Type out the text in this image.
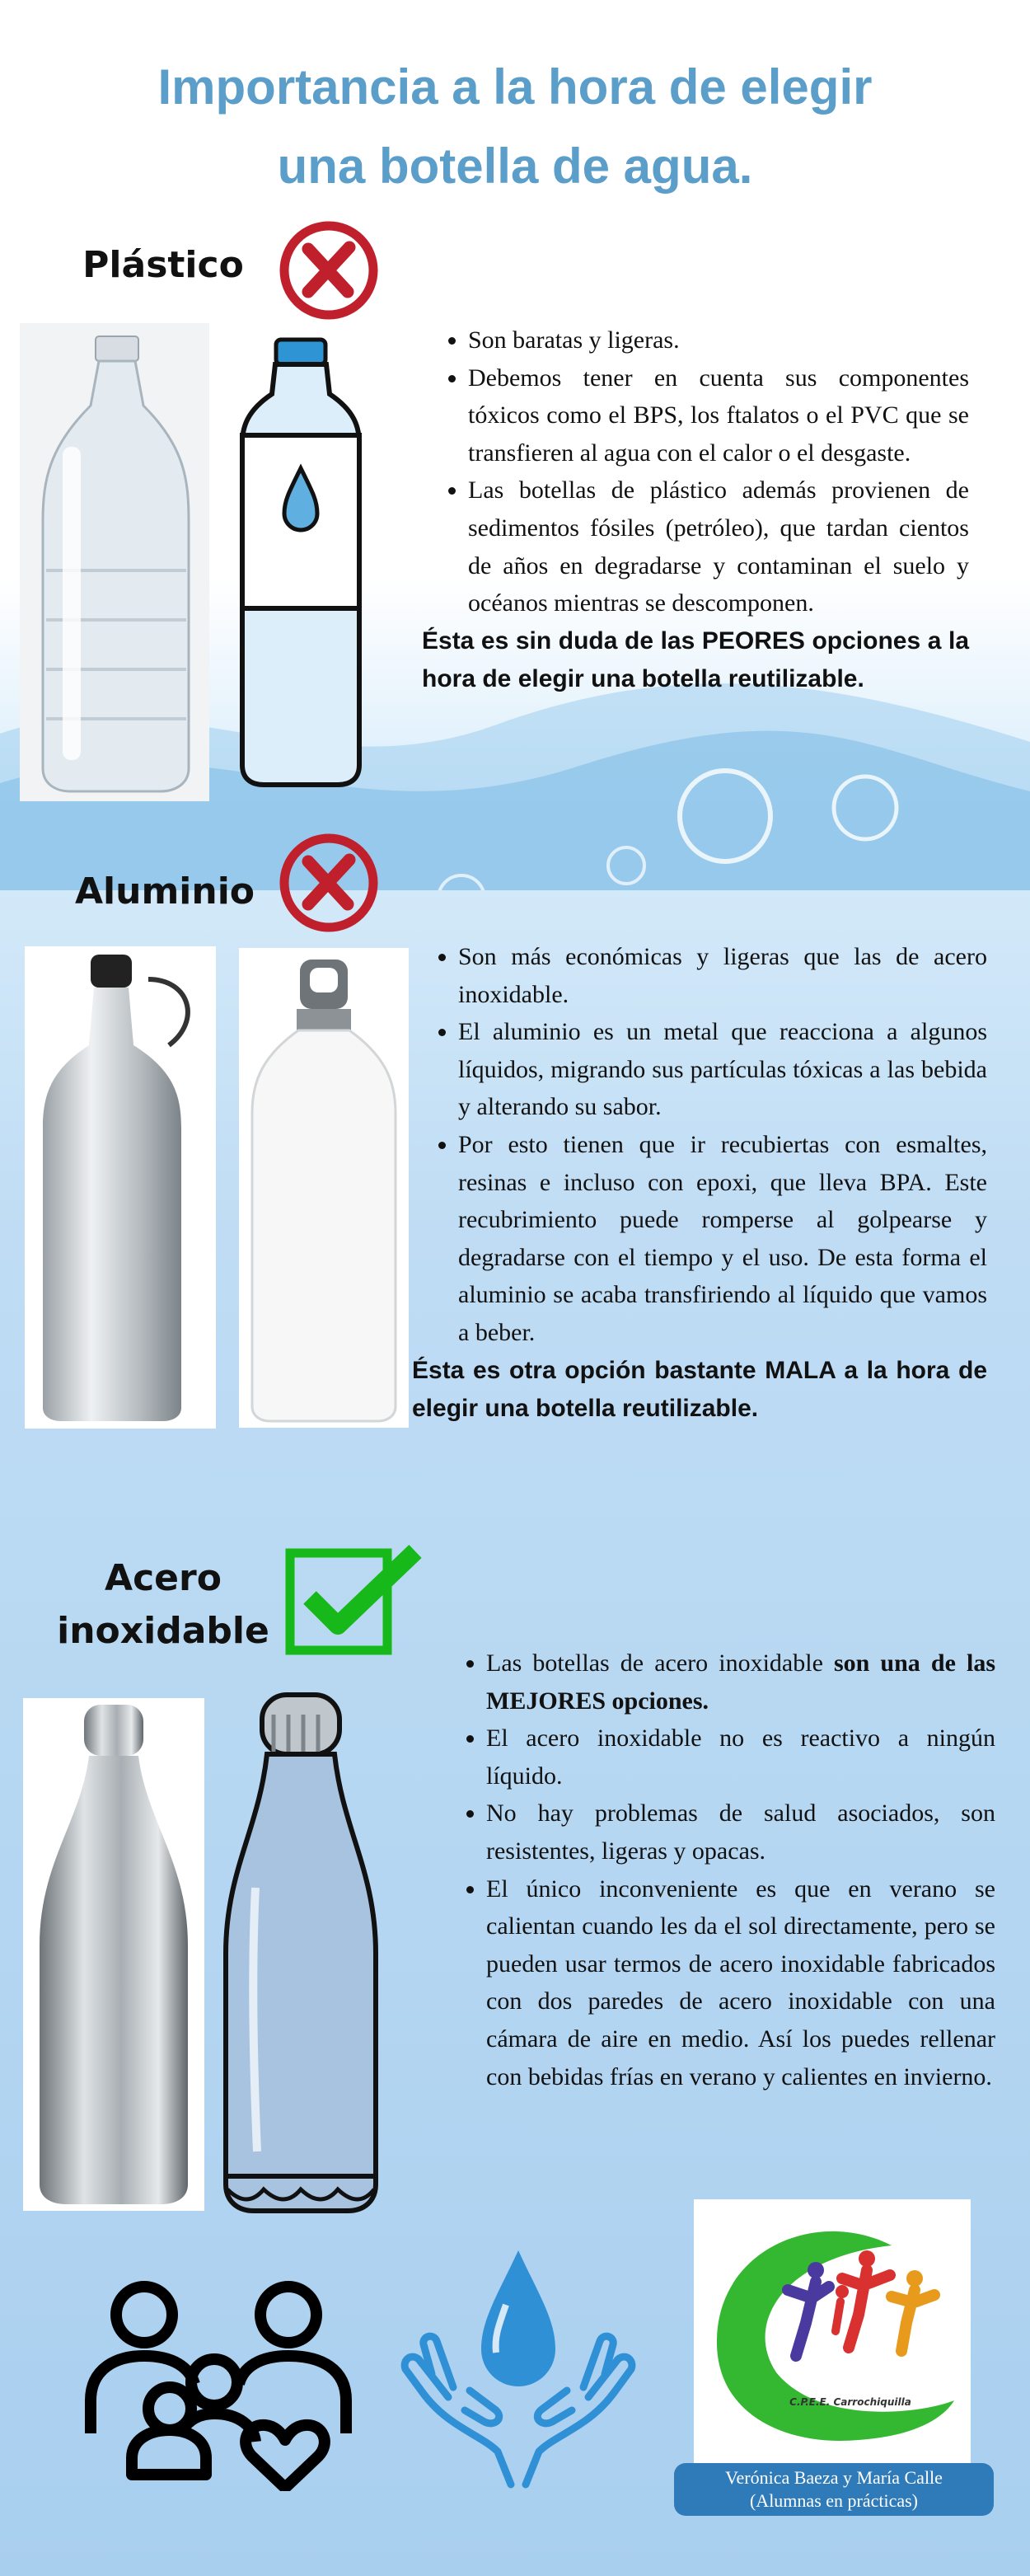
Importancia a la hora de elegir
una botella de agua.
Plástico
• Son baratas y ligeras.
• Debemos tener en cuenta sus componentes tóxicos como el BPS, los ftalatos o el PVC que se transfieren al agua con el calor o el desgaste.
• Las botellas de plástico además provienen de sedimentos fósiles (petróleo), que tardan cientos de años en degradarse y contaminan el suelo y océanos mientras se descomponen.

Ésta es sin duda de las PEORES opciones a la hora de elegir una botella reutilizable.

Aluminio
• Son más económicas y ligeras que las de acero inoxidable.
• El aluminio es un metal que reacciona a algunos líquidos, migrando sus partículas tóxicas a las bebida y alterando su sabor.
• Por esto tienen que ir recubiertas con esmaltes, resinas e incluso con epoxi, que lleva BPA. Este recubrimiento puede romperse al golpearse y degradarse con el tiempo y el uso. De esta forma el aluminio se acaba transfiriendo al líquido que vamos a beber.

Ésta es otra opción bastante MALA a la hora de elegir una botella reutilizable.

Acero
inoxidable
• Las botellas de acero inoxidable son una de las MEJORES opciones.
• El acero inoxidable no es reactivo a ningún líquido.
• No hay problemas de salud asociados, son resistentes, ligeras y opacas.
• El único inconveniente es que en verano se calientan cuando les da el sol directamente, pero se pueden usar termos de acero inoxidable fabricados con dos paredes de acero inoxidable con una cámara de aire en medio. Así los puedes rellenar con bebidas frías en verano y calientes en invierno.
C.P.E.E. Carrochiquilla
Verónica Baeza y María Calle
(Alumnas en prácticas)
